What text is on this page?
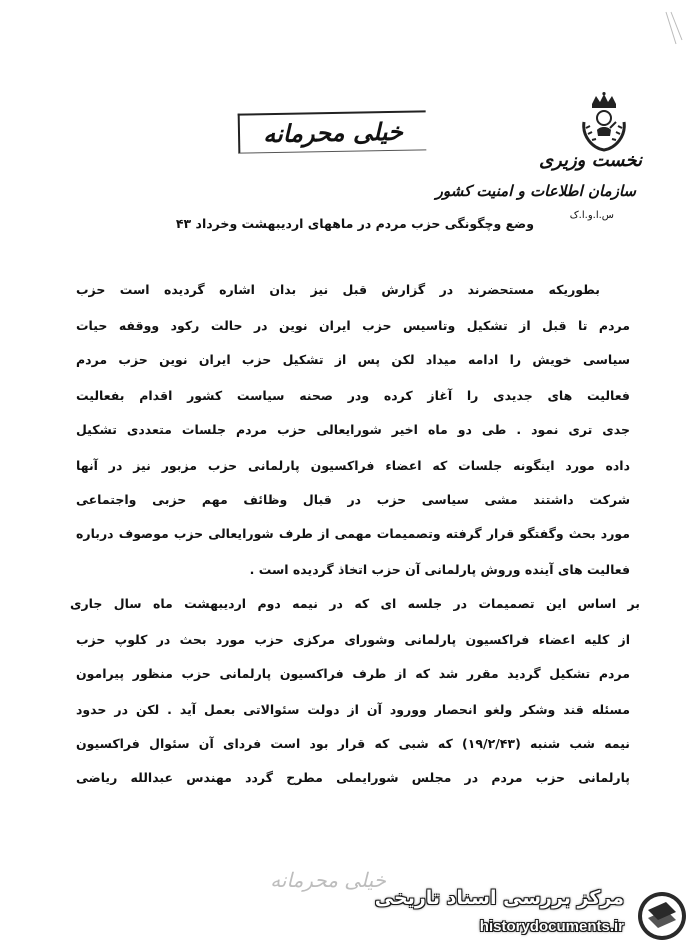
نخست وزیری
سازمان اطلاعات و امنیت کشور
س.ا.و.ا.ک
خیلی محرمانه
وضع وچگونگی حزب مردم در ماههای اردیبهشت وخرداد ۴۳
بطوریکه مستحضرند در گزارش قبل نیز بدان اشاره گردیده است حزب
مردم تا قبل از تشکیل وتاسیس حزب ایران نوین در حالت رکود ووقفه حیات
سیاسی خویش را ادامه میداد لکن پس از تشکیل حزب ایران نوین حزب مردم
فعالیت های جدیدی را آغاز کرده ودر صحنه سیاست کشور اقدام بفعالیت
جدی تری نمود . طی دو ماه اخیر شورایعالی حزب مردم جلسات متعددی تشکیل
داده مورد اینگونه جلسات که اعضاء فراکسیون پارلمانی حزب مزبور نیز در آنها
شرکت داشتند مشی سیاسی حزب در قبال وظائف مهم حزبی واجتماعی
مورد بحث وگفتگو قرار گرفته وتصمیمات مهمی از طرف شورایعالی حزب موصوف درباره
فعالیت های آینده وروش پارلمانی آن حزب اتخاذ گردیده است .
بر اساس این تصمیمات در جلسه ای که در نیمه دوم اردیبهشت ماه سال جاری
از کلیه اعضاء فراکسیون پارلمانی وشورای مرکزی حزب مورد بحث در کلوپ حزب
مردم تشکیل گردید مقرر شد که از طرف فراکسیون پارلمانی حزب منظور پیرامون
مسئله قند وشکر ولغو انحصار وورود آن از دولت سئوالاتی بعمل آید . لکن در حدود
نیمه شب شنبه (۱۹/۲/۴۳) که شبی که قرار بود است فردای آن سئوال فراکسیون
پارلمانی حزب مردم در مجلس شورایملی مطرح گردد مهندس عبدالله ریاضی
خیلی محرمانه
مرکز بررسی اسناد تاریخی
historydocuments.ir
